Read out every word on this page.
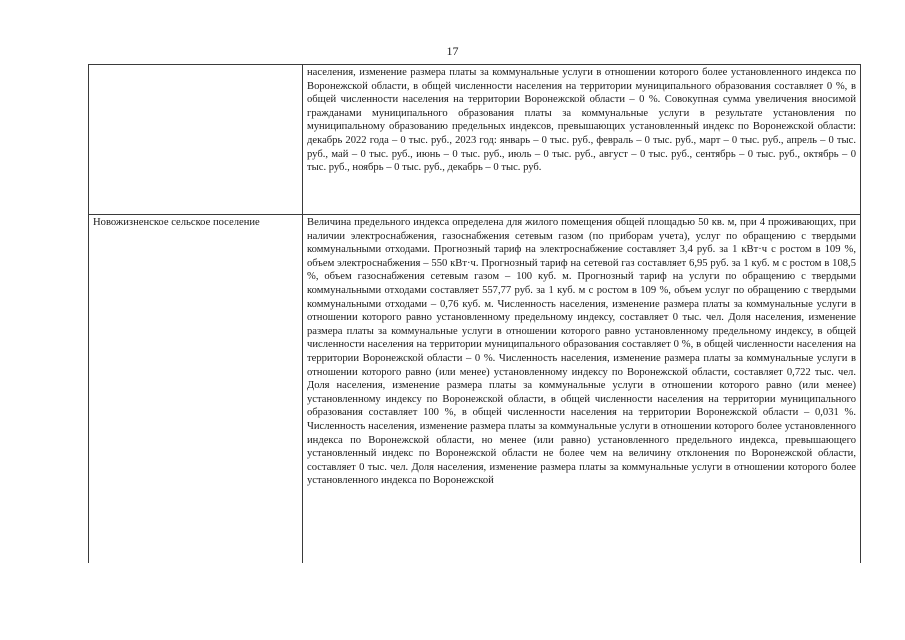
17

	населения, изменение размера платы за коммунальные услуги в отношении которого более установленного индекса по Воронежской области, в общей численности населения на территории муниципального образования составляет 0 %, в общей численности населения на территории Воронежской области – 0 %. Совокупная сумма увеличения вносимой гражданами муниципального образования платы за коммунальные услуги в результате установления по муниципальному образованию предельных индексов, превышающих установленный индекс по Воронежской области: декабрь 2022 года – 0 тыс. руб., 2023 год: январь – 0 тыс. руб., февраль – 0 тыс. руб., март – 0 тыс. руб., апрель – 0 тыс. руб., май – 0 тыс. руб., июнь – 0 тыс. руб., июль – 0 тыс. руб., август – 0 тыс. руб., сентябрь – 0 тыс. руб., октябрь – 0 тыс. руб., ноябрь – 0 тыс. руб., декабрь – 0 тыс. руб.

Новожизненское сельское поселение	Величина предельного индекса определена для жилого помещения общей площадью 50 кв. м, при 4 проживающих, при наличии электроснабжения, газоснабжения сетевым газом (по приборам учета), услуг по обращению с твердыми коммунальными отходами. Прогнозный тариф на электроснабжение составляет 3,4 руб. за 1 кВт·ч с ростом в 109 %, объем электроснабжения – 550 кВт·ч. Прогнозный тариф на сетевой газ составляет 6,95 руб. за 1 куб. м с ростом в 108,5 %, объем газоснабжения сетевым газом – 100 куб. м. Прогнозный тариф на услуги по обращению с твердыми коммунальными отходами составляет 557,77 руб. за 1 куб. м с ростом в 109 %, объем услуг по обращению с твердыми коммунальными отходами – 0,76 куб. м. Численность населения, изменение размера платы за коммунальные услуги в отношении которого равно установленному предельному индексу, составляет 0 тыс. чел. Доля населения, изменение размера платы за коммунальные услуги в отношении которого равно установленному предельному индексу, в общей численности населения на территории муниципального образования составляет 0 %, в общей численности населения на территории Воронежской области – 0 %. Численность населения, изменение размера платы за коммунальные услуги в отношении которого равно (или менее) установленному индексу по Воронежской области, составляет 0,722 тыс. чел. Доля населения, изменение размера платы за коммунальные услуги в отношении которого равно (или менее) установленному индексу по Воронежской области, в общей численности населения на территории муниципального образования составляет 100 %, в общей численности населения на территории Воронежской области – 0,031 %. Численность населения, изменение размера платы за коммунальные услуги в отношении которого более установленного индекса по Воронежской области, но менее (или равно) установленного предельного индекса, превышающего установленный индекс по Воронежской области не более чем на величину отклонения по Воронежской области, составляет 0 тыс. чел. Доля населения, изменение размера платы за коммунальные услуги в отношении которого более установленного индекса по Воронежской
